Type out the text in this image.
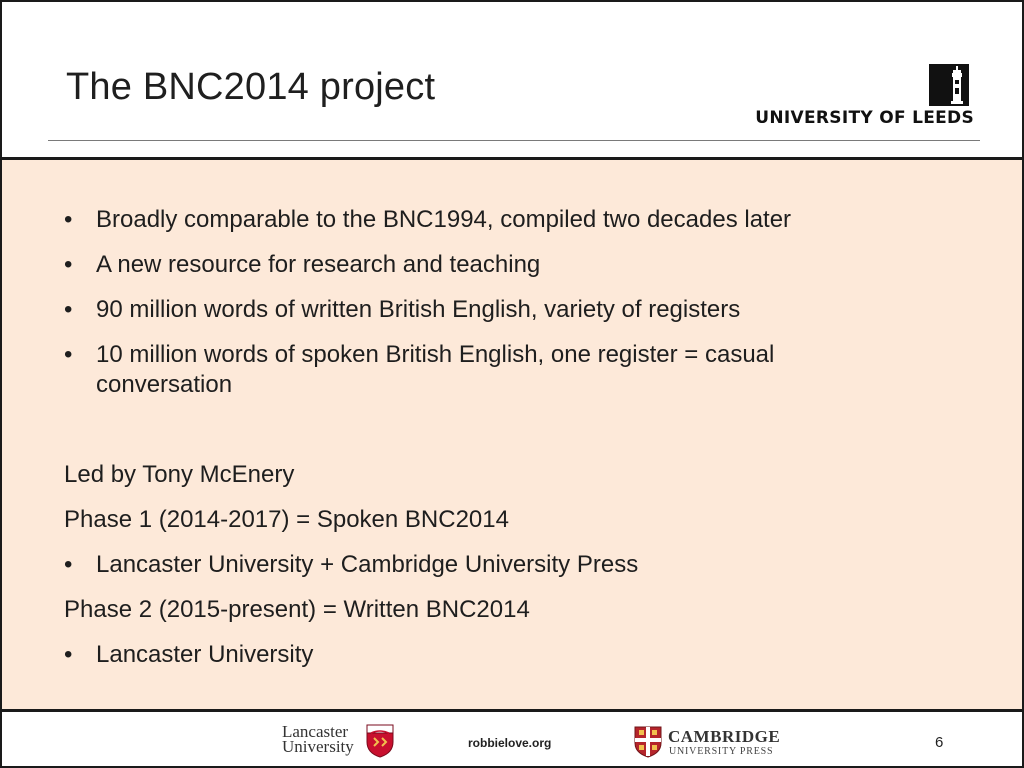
The BNC2014 project
UNIVERSITY OF LEEDS
• Broadly comparable to the BNC1994, compiled two decades later
• A new resource for research and teaching
• 90 million words of written British English, variety of registers
• 10 million words of spoken British English, one register = casual conversation
Led by Tony McEnery
Phase 1 (2014-2017) = Spoken BNC2014
• Lancaster University + Cambridge University Press
Phase 2 (2015-present) = Written BNC2014
• Lancaster University
Lancaster
University	robbielove.org	CAMBRIDGE
UNIVERSITY PRESS
6
